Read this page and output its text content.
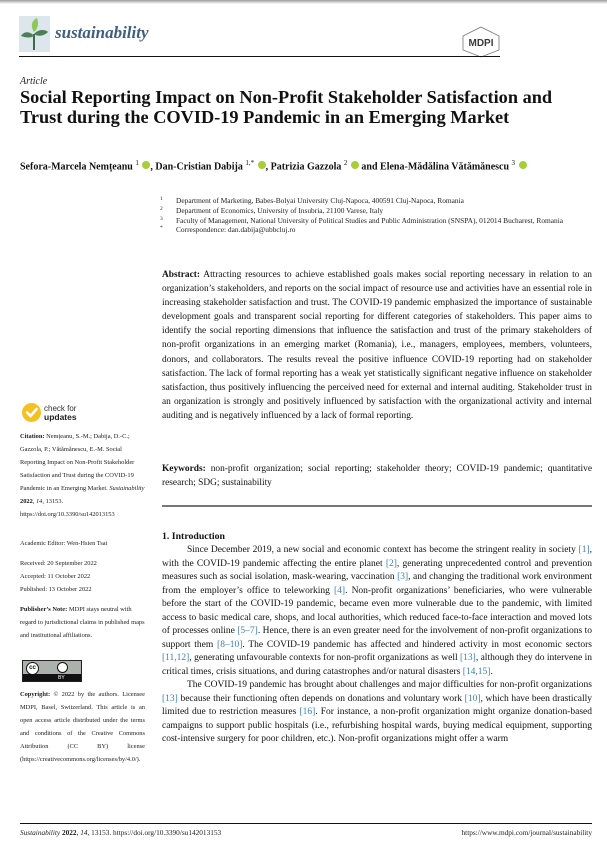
sustainability
MDPI
Article
Social Reporting Impact on Non-Profit Stakeholder Satisfaction and Trust during the COVID-19 Pandemic in an Emerging Market
Sefora-Marcela Nemțeanu $^1$ , Dan-Cristian Dabija $^{1,*}$ , Patrizia Gazzola $^2$  and Elena-Mădălina Vătămănescu $^3$
1 Department of Marketing, Babes-Bolyai University Cluj-Napoca, 400591 Cluj-Napoca, Romania
2 Department of Economics, University of Insubria, 21100 Varese, Italy
3 Faculty of Management, National University of Political Studies and Public Administration (SNSPA), 012014 Bucharest, Romania
* Correspondence: dan.dabija@ubbcluj.ro
Abstract: Attracting resources to achieve established goals makes social reporting necessary in relation to an organization’s stakeholders, and reports on the social impact of resource use and activities have an essential role in increasing stakeholder satisfaction and trust. The COVID-19 pandemic emphasized the importance of sustainable development goals and transparent social reporting for different categories of stakeholders. This paper aims to identify the social reporting dimensions that influence the satisfaction and trust of the primary stakeholders of non-profit organizations in an emerging market (Romania), i.e., managers, employees, members, volunteers, donors, and collaborators. The results reveal the positive influence COVID-19 reporting had on stakeholder satisfaction. The lack of formal reporting has a weak yet statistically significant negative influence on stakeholder satisfaction, thus positively influencing the perceived need for external and internal auditing. Stakeholder trust in an organization is strongly and positively influenced by satisfaction with the organizational activity and internal auditing and is negatively influenced by a lack of formal reporting.
Keywords: non-profit organization; social reporting; stakeholder theory; COVID-19 pandemic; quantitative research; SDG; sustainability
check for
updates
Citation: Nemțeanu, S.-M.; Dabija, D.-C.; Gazzola, P.; Vătămănescu, E.-M. Social Reporting Impact on Non-Profit Stakeholder Satisfaction and Trust during the COVID-19 Pandemic in an Emerging Market. Sustainability 2022, 14, 13153. https://doi.org/10.3390/su142013153
Academic Editor: Wen-Hsien Tsai
Received: 20 September 2022
Accepted: 11 October 2022
Published: 13 October 2022
Publisher’s Note: MDPI stays neutral with regard to jurisdictional claims in published maps and institutional affiliations.
cc
BY
Copyright: © 2022 by the authors. Licensee MDPI, Basel, Switzerland. This article is an open access article distributed under the terms and conditions of the Creative Commons Attribution (CC BY) license (https://creativecommons.org/licenses/by/4.0/).
1. Introduction

Since December 2019, a new social and economic context has become the stringent reality in society [1], with the COVID-19 pandemic affecting the entire planet [2], generating unprecedented control and prevention measures such as social isolation, mask-wearing, vaccination [3], and changing the traditional work environment from the employer’s office to teleworking [4]. Non-profit organizations’ beneficiaries, who were vulnerable before the start of the COVID-19 pandemic, became even more vulnerable due to the pandemic, with limited access to basic medical care, shops, and local authorities, which reduced face-to-face interaction and moved lots of processes online [5–7]. Hence, there is an even greater need for the involvement of non-profit organizations to support them [8–10]. The COVID-19 pandemic has affected and hindered activity in most economic sectors [11,12], generating unfavourable contexts for non-profit organizations as well [13], although they do intervene in critical times, crisis situations, and during catastrophes and/or natural disasters [14,15].

The COVID-19 pandemic has brought about challenges and major difficulties for non-profit organizations [13] because their functioning often depends on donations and voluntary work [10], which have been drastically limited due to restriction measures [16]. For instance, a non-profit organization might organize donation-based campaigns to support public hospitals (i.e., refurbishing hospital wards, buying medical equipment, supporting cost-intensive surgery for poor children, etc.). Non-profit organizations might offer a warm

Sustainability 2022, 14, 13153. https://doi.org/10.3390/su142013153	https://www.mdpi.com/journal/sustainability
